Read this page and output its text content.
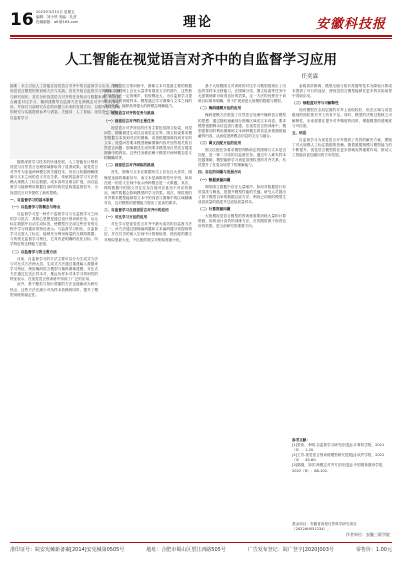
16 2023年3月10日 星期五
编辑：刘小昂 美编：孔淳
投稿邮箱：afr@163.com	理论	安徽科技报
人工智能在视觉语言对齐中的自监督学习应用
任奕霖
摘要：本文讨论人工智能在视觉语言对齐中的自监督学习应用，研究视觉语言模型的预训练方法与实践。首先介绍自监督学习的基本原理与研究现状，其次分析视觉语言对齐的任务特点与数据来源，再次重点阐述对比学习、掩码建模等自监督方法在跨模态对齐中的具体应用，并探讨当前研究存在的问题与未来的发展方向，以期为相关领域的研究与实践提供参考与借鉴。关键词：人工智能；视觉语言对齐；自监督学习

随着深度学习技术的快速发展，人工智能在计算机视觉与自然语言处理领域都取得了显著成果。视觉语言对齐作为连接两种模态的关键技术，旨在让机器理解图像与文本之间的语义对应关系。传统的监督学习方法依赖大规模人工标注数据，成本高昂且难以扩展，而自监督学习能够利用数据自身的结构信息构建监督信号，为视觉语言对齐提供了新的思路。

一、自监督学习的基本原理

（一）自监督学习的概念与特点

自监督学习是一种介于监督学习与无监督学习之间的学习范式，其核心思想是通过设计预训练任务，从无标注数据中自动生成标签，使模型在完成这些任务的过程中学习到通用的特征表示。与监督学习相比，自监督学习无需人工标注，能够充分利用海量的互联网数据；与传统无监督学习相比，它具有更明确的优化目标，所学特征的迁移能力更强。

（二）自监督学习的主要方法

目前，自监督学习的方法主要可以分为生成式方法与对比式方法两大类。生成式方法通过重建输入数据来学习特征，例如掩码语言模型与掩码图像建模；对比式方法通过拉近正样本对、推远负样本对来学习判别性的特征表示，在视觉语言预训练中得到了广泛的应用。

此外，基于聚类与知识蒸馏的方法也逐渐成为研究热点，这些方法在减少对负样本依赖的同时，提升了模型训练的稳定性。

在视觉语言预训练中，图像文本对是最主要的数据来源。互联网上存在大量带有描述文字的图片，这些数据虽然存在一定的噪声，但规模庞大，为自监督学习提供了充足的训练样本。模型通过学习图像与文本之间的对应关系，能够获得强大的跨模态理解能力。

二、视觉语言对齐的任务与挑战

（一）视觉语言对齐的主要任务

视觉语言对齐涉及的任务主要包括图文检索、视觉问答、图像描述生成以及视觉定位等。图文检索要求模型根据文本找到对应的图像，或者根据图像找到对应的文本；视觉问答要求模型理解图像内容并回答相关的自然语言问题；图像描述生成则要求模型用自然语言描述图像中的内容。这些任务都依赖于模型对两种模态语义的精确对齐。

（二）视觉语言对齐面临的挑战

首先，图像与文本在数据形式上存在巨大差异，图像是连续的像素信号，而文本是离散的符号序列，如何在统一的语义空间中表示两种模态是一大难题。其次，网络数据中的图文对往往存在弱对应甚至不对应的情况，噪声数据会影响模型的学习效果。再次，细粒度的对齐要求模型能够将文本中的词语与图像中的区域精确对应，这对模型的建模能力提出了更高的要求。

三、自监督学习在视觉语言对齐中的应用

（一）对比学习方法的应用

对比学习是视觉语言对齐中最为成功的自监督方法之一。该方法通过图像编码器和文本编码器分别提取特征，并在共享的嵌入空间中计算相似度，使匹配的图文对相似度最大化，不匹配的图文对相似度最小化。

基于大规模图文对训练的对比学习模型展现出了出色的零样本迁移能力，在图像分类、图文检索等任务中无需微调即可取得良好的效果。这一方法的优势在于训练目标简单明确，易于扩展到更大规模的数据与模型。

（二）掩码建模方法的应用

掩码建模方法借鉴了自然语言处理中掩码语言模型的思想，通过随机遮蔽部分图像区域或文本词语，要求模型根据剩余信息进行重建。在视觉语言预训练中，模型需要同时利用图像和文本两种模态的信息来预测被遮蔽的内容，从而促进跨模态信息的交互与融合。

（三）图文匹配方法的应用

图文匹配任务要求模型判断给定的图像与文本是否匹配，是一种二分类的自监督任务。通过引入难负样本挖掘策略，模型能够学习到更加细粒度的对齐关系，有效提升了在复杂场景下的理解能力。

四、存在的问题与发展方向

（一）数据质量问题

网络图文数据中存在大量噪声，如何对数据进行有效清洗与筛选，是提升模型性能的关键。研究人员提出了基于模型自举的数据过滤方法，利用已训练的模型生成高质量的描述并过滤低质量样本。

（二）计算资源问题

大规模视觉语言模型的预训练需要消耗大量的计算资源，如何设计高效的训练方法，在有限资源下取得良好的效果，是当前研究的重要方向。

参数高效微调、模型压缩与知识蒸馏等技术为降低计算成本提供了可行的途径，使视觉语言模型能够在更多的实际场景中得到应用。

（三）细粒度对齐与可解释性

现有模型在全局层面的对齐上表现较好，但在区域与词语级别的细粒度对齐上仍有不足。同时，模型的决策过程缺乏可解释性，未来需要在提升对齐精度的同时，增强模型的透明度与可信度。

五、结语

自监督学习为视觉语言对齐提供了有效的解决方案，摆脱了对大规模人工标注数据的依赖。随着数据规模与模型能力的不断提升，视觉语言模型将在更多领域发挥重要作用，推动人工智能向更加通用的方向发展。

参考文献：
[1]张伟，李明.自监督学习研究综述[J].计算机学报，2021（5）：1-20.
[2]王芳.视觉语言预训练模型研究进展[J].软件学报，2022（3）：45-60.
[3]陈刚，刘洋.跨模态对齐方法综述[J].中国图象图形学报，2022（8）：88-102.
基金项目：安徽省高校自然科学研究项目（2022AH051234）。
作者单位：安徽三联学院
准印证号：皖安宪械新备案[2014]安宪械第0505号	地址：合肥市蜀山区望江西路505号	广告发布登记：皖广登字[2020]003号	零售价：1.00元
